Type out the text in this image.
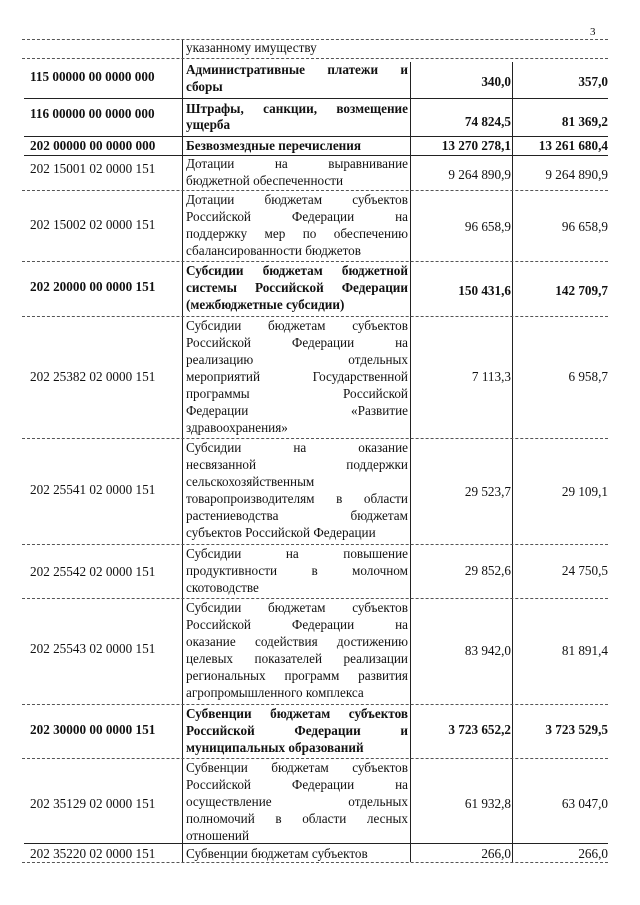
3
указанному имуществу
115 00000 00 0000 000 Административные платежи и
сборы	340,0	357,0
116 00000 00 0000 000 Штрафы, санкции, возмещение
ущерба	74 824,5	81 369,2
202 00000 00 0000 000 Безвозмездные перечисления	13 270 278,1	13 261 680,4
202 15001 02 0000 151 Дотации на выравнивание
бюджетной обеспеченности	9 264 890,9	9 264 890,9
202 15002 02 0000 151
Дотации бюджетам субъектов
Российской Федерации на
поддержку мер по обеспечению
сбалансированности бюджетов
96 658,9	96 658,9
202 20000 00 0000 151
Субсидии бюджетам бюджетной
системы Российской Федерации
(межбюджетные субсидии)
150 431,6	142 709,7
202 25382 02 0000 151
Субсидии бюджетам субъектов
Российской Федерации на
реализацию отдельных
мероприятий Государственной
программы Российской
Федерации «Развитие
здравоохранения»
7 113,3	6 958,7
202 25541 02 0000 151
Субсидии на оказание
несвязанной поддержки
сельскохозяйственным
товаропроизводителям в области
растениеводства бюджетам
субъектов Российской Федерации
29 523,7	29 109,1
202 25542 02 0000 151
Субсидии на повышение
продуктивности в молочном
скотоводстве
29 852,6	24 750,5
202 25543 02 0000 151
Субсидии бюджетам субъектов
Российской Федерации на
оказание содействия достижению
целевых показателей реализации
региональных программ развития
агропромышленного комплекса
83 942,0	81 891,4
202 30000 00 0000 151
Субвенции бюджетам субъектов
Российской Федерации и
муниципальных образований
3 723 652,2	3 723 529,5
202 35129 02 0000 151
Субвенции бюджетам субъектов
Российской Федерации на
осуществление отдельных
полномочий в области лесных
отношений
61 932,8	63 047,0
202 35220 02 0000 151 Субвенции бюджетам субъектов	266,0	266,0
